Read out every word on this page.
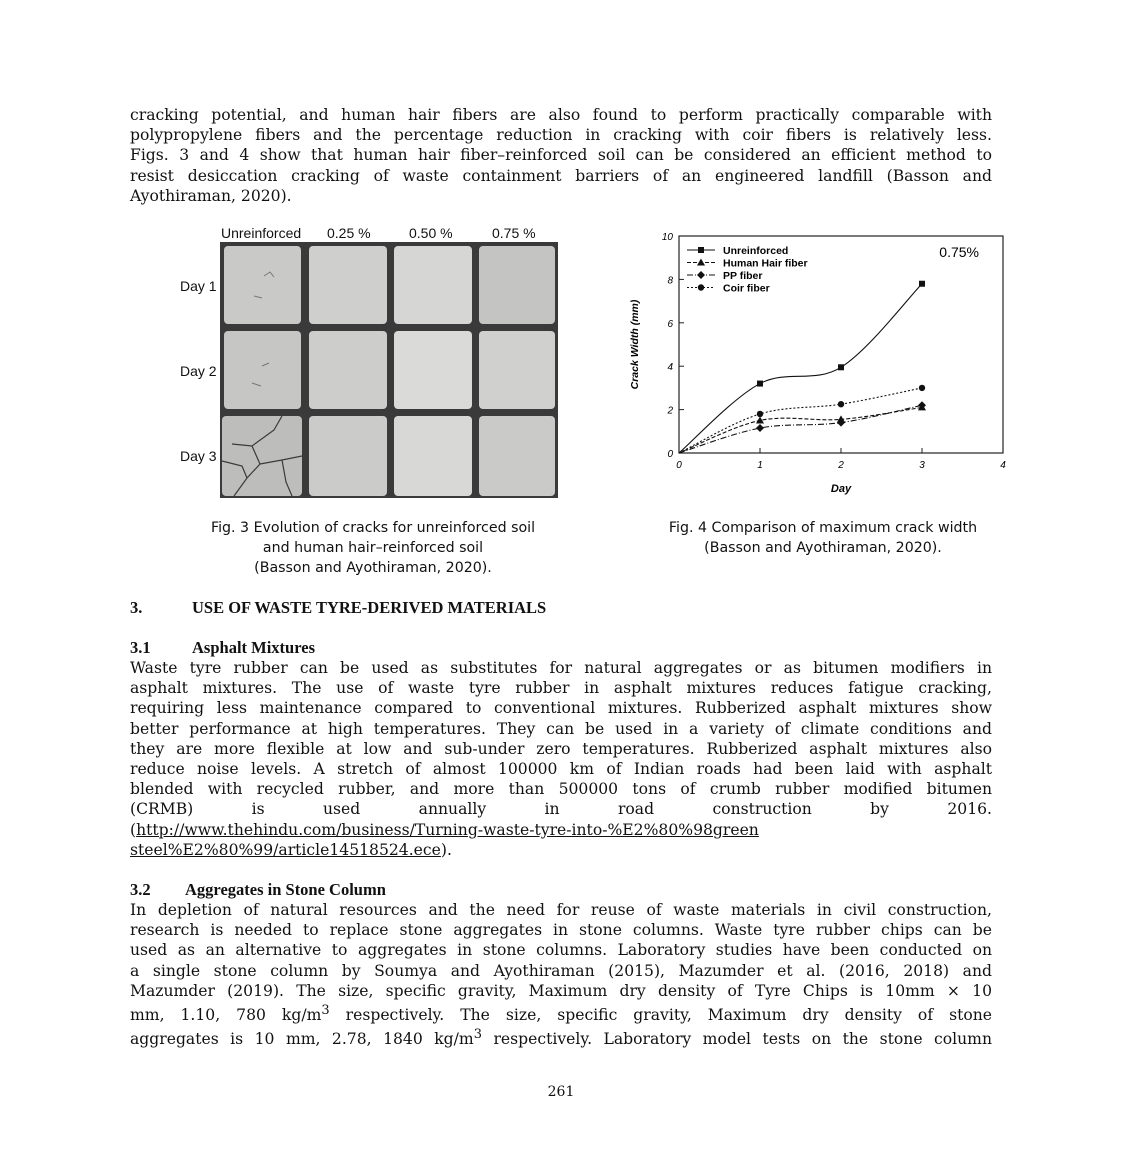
cracking potential, and human hair fibers are also found to perform practically comparable with
polypropylene fibers and the percentage reduction in cracking with coir fibers is relatively less.
Figs. 3 and 4 show that human hair fiber–reinforced soil can be considered an efficient method to
resist desiccation cracking of waste containment barriers of an engineered landfill (Basson and
Ayothiraman, 2020).
Unreinforced 0.25 %	0.50 %	0.75 %
Day 1
Day 2
Day 3
0	1	2	3	4
0
2
4
6
8
10
Day
Crack Width (mm)
0.75%
Unreinforced
Human Hair fiber
PP fiber
Coir fiber
Fig. 3 Evolution of cracks for unreinforced soil
and human hair–reinforced soil
(Basson and Ayothiraman, 2020).
Fig. 4 Comparison of maximum crack width
(Basson and Ayothiraman, 2020).
3.	USE OF WASTE TYRE-DERIVED MATERIALS
3.1	Asphalt Mixtures
Waste tyre rubber can be used as substitutes for natural aggregates or as bitumen modifiers in
asphalt mixtures. The use of waste tyre rubber in asphalt mixtures reduces fatigue cracking,
requiring less maintenance compared to conventional mixtures. Rubberized asphalt mixtures show
better performance at high temperatures. They can be used in a variety of climate conditions and
they are more flexible at low and sub-under zero temperatures. Rubberized asphalt mixtures also
reduce noise levels. A stretch of almost 100000 km of Indian roads had been laid with asphalt
blended with recycled rubber, and more than 500000 tons of crumb rubber modified bitumen
(CRMB) is used annually in road construction by 2016.
(http://www.thehindu.com/business/Turning-waste-tyre-into-%E2%80%98green
steel%E2%80%99/article14518524.ece).
3.2 Aggregates in Stone Column
In depletion of natural resources and the need for reuse of waste materials in civil construction,
research is needed to replace stone aggregates in stone columns. Waste tyre rubber chips can be
used as an alternative to aggregates in stone columns. Laboratory studies have been conducted on
a single stone column by Soumya and Ayothiraman (2015), Mazumder et al. (2016, 2018) and
Mazumder (2019). The size, specific gravity, Maximum dry density of Tyre Chips is 10mm × 10
mm, 1.10, 780 $kg/m^3$ respectively. The size, specific gravity, Maximum dry density of stone
aggregates is 10 mm, 2.78, 1840 $kg/m^3$ respectively. Laboratory model tests on the stone column
261
